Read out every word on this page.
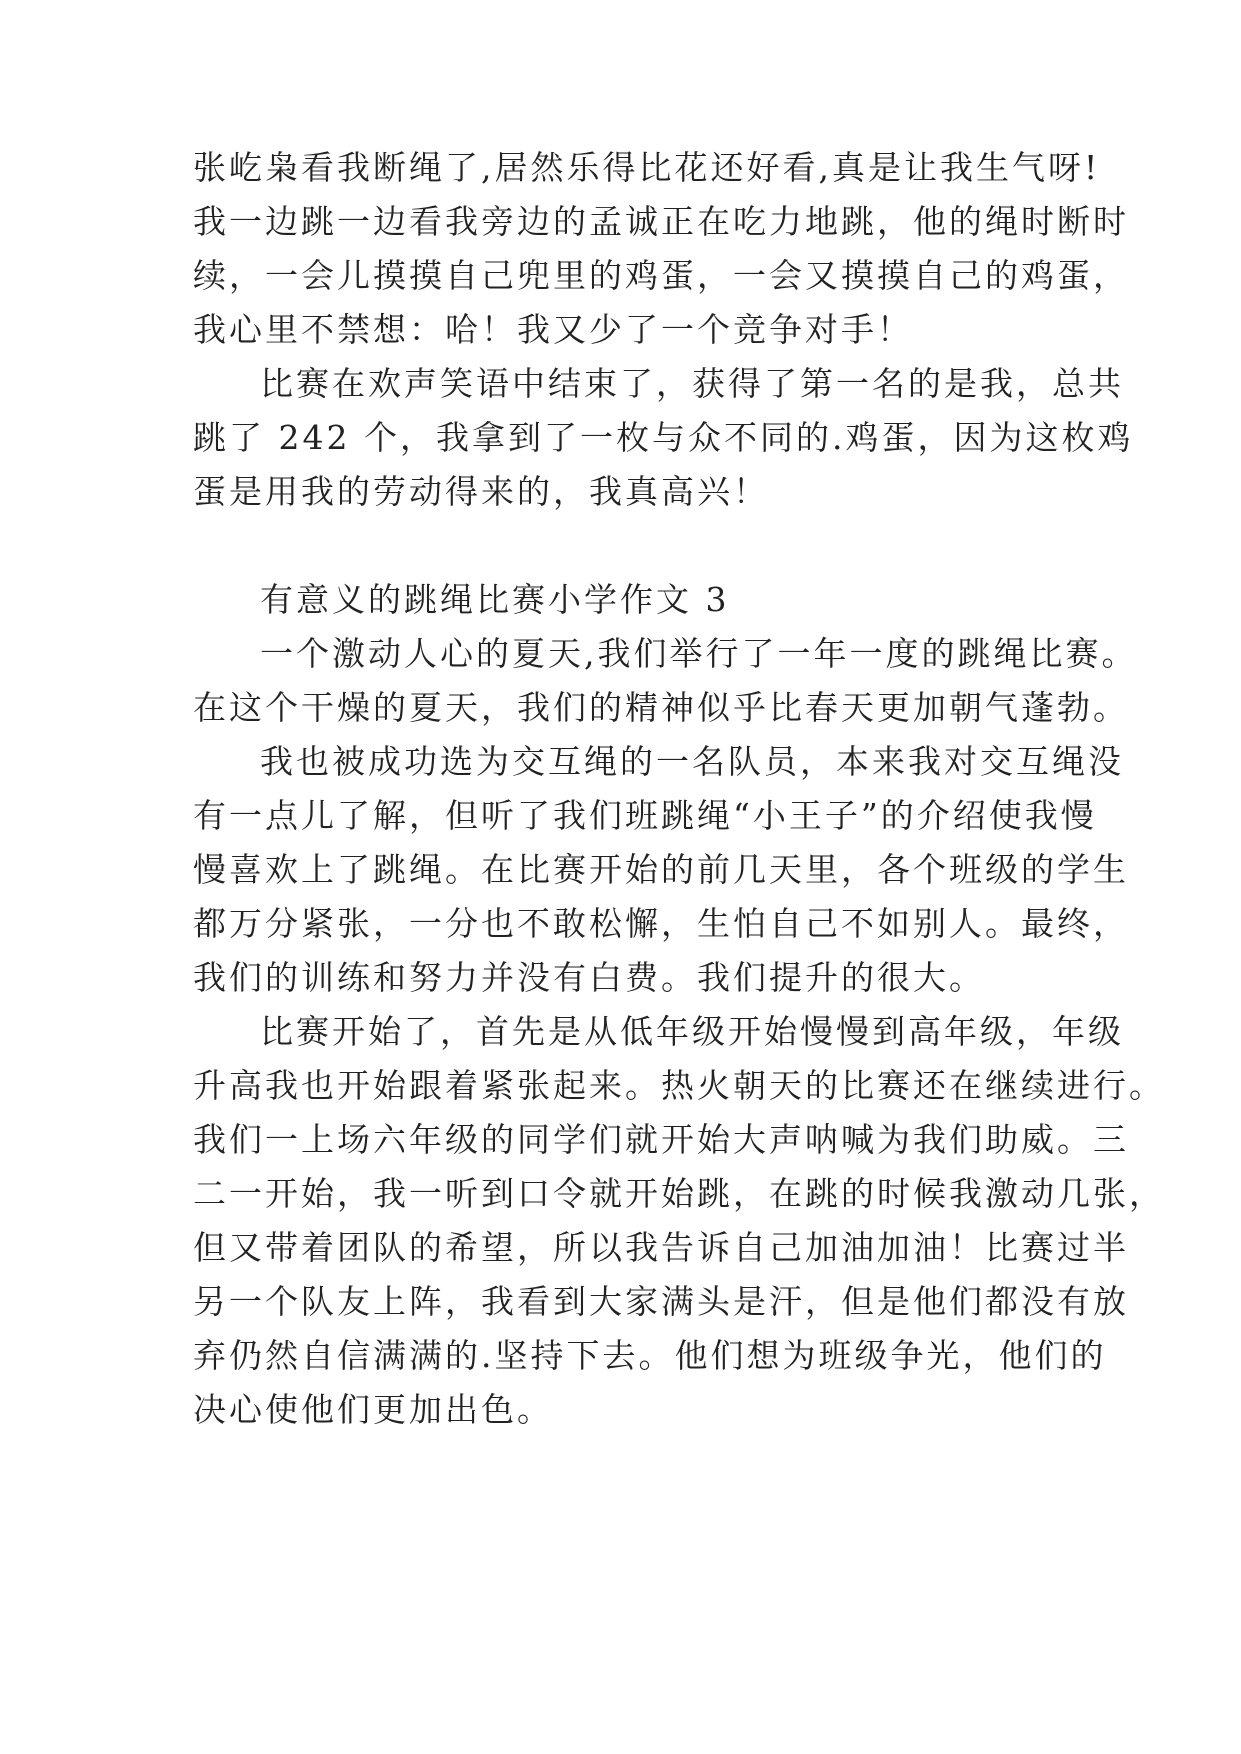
张屹枭看我断绳了,居然乐得比花还好看,真是让我生气呀!
我一边跳一边看我旁边的孟诚正在吃力地跳，他的绳时断时
续，一会儿摸摸自己兜里的鸡蛋，一会又摸摸自己的鸡蛋，
我心里不禁想：哈！我又少了一个竞争对手！
比赛在欢声笑语中结束了，获得了第一名的是我，总共
跳了 242 个，我拿到了一枚与众不同的.鸡蛋，因为这枚鸡
蛋是用我的劳动得来的，我真高兴！
有意义的跳绳比赛小学作文 3
一个激动人心的夏天,我们举行了一年一度的跳绳比赛。
在这个干燥的夏天，我们的精神似乎比春天更加朝气蓬勃。
我也被成功选为交互绳的一名队员，本来我对交互绳没
有一点儿了解，但听了我们班跳绳“小王子”的介绍使我慢
慢喜欢上了跳绳。在比赛开始的前几天里，各个班级的学生
都万分紧张，一分也不敢松懈，生怕自己不如别人。最终，
我们的训练和努力并没有白费。我们提升的很大。
比赛开始了，首先是从低年级开始慢慢到高年级，年级
升高我也开始跟着紧张起来。热火朝天的比赛还在继续进行。
我们一上场六年级的同学们就开始大声呐喊为我们助威。三
二一开始，我一听到口令就开始跳，在跳的时候我激动几张，
但又带着团队的希望，所以我告诉自己加油加油！比赛过半
另一个队友上阵，我看到大家满头是汗，但是他们都没有放
弃仍然自信满满的.坚持下去。他们想为班级争光，他们的
决心使他们更加出色。
